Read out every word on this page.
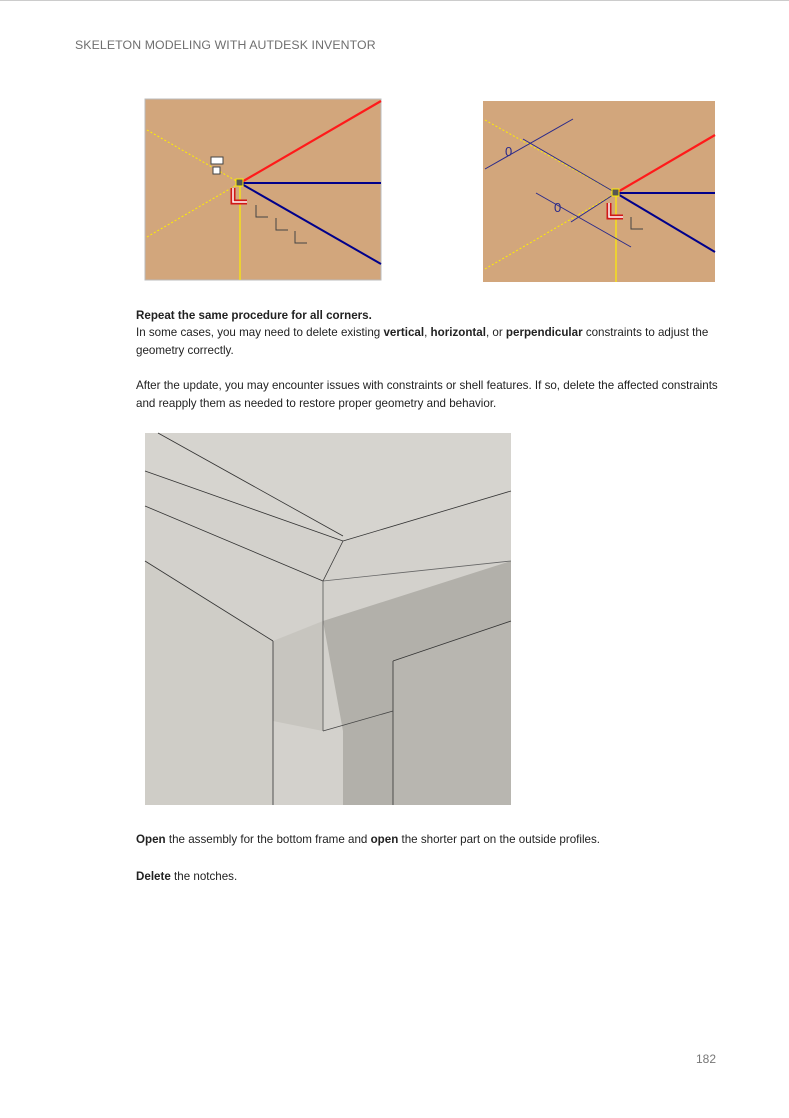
SKELETON MODELING WITH AUTDESK INVENTOR
0
0
Repeat the same procedure for all corners.
In some cases, you may need to delete existing vertical, horizontal, or perpendicular constraints to adjust the geometry correctly.
After the update, you may encounter issues with constraints or shell features. If so, delete the affected constraints and reapply them as needed to restore proper geometry and behavior.
Open the assembly for the bottom frame and open the shorter part on the outside profiles.
Delete the notches.
182
